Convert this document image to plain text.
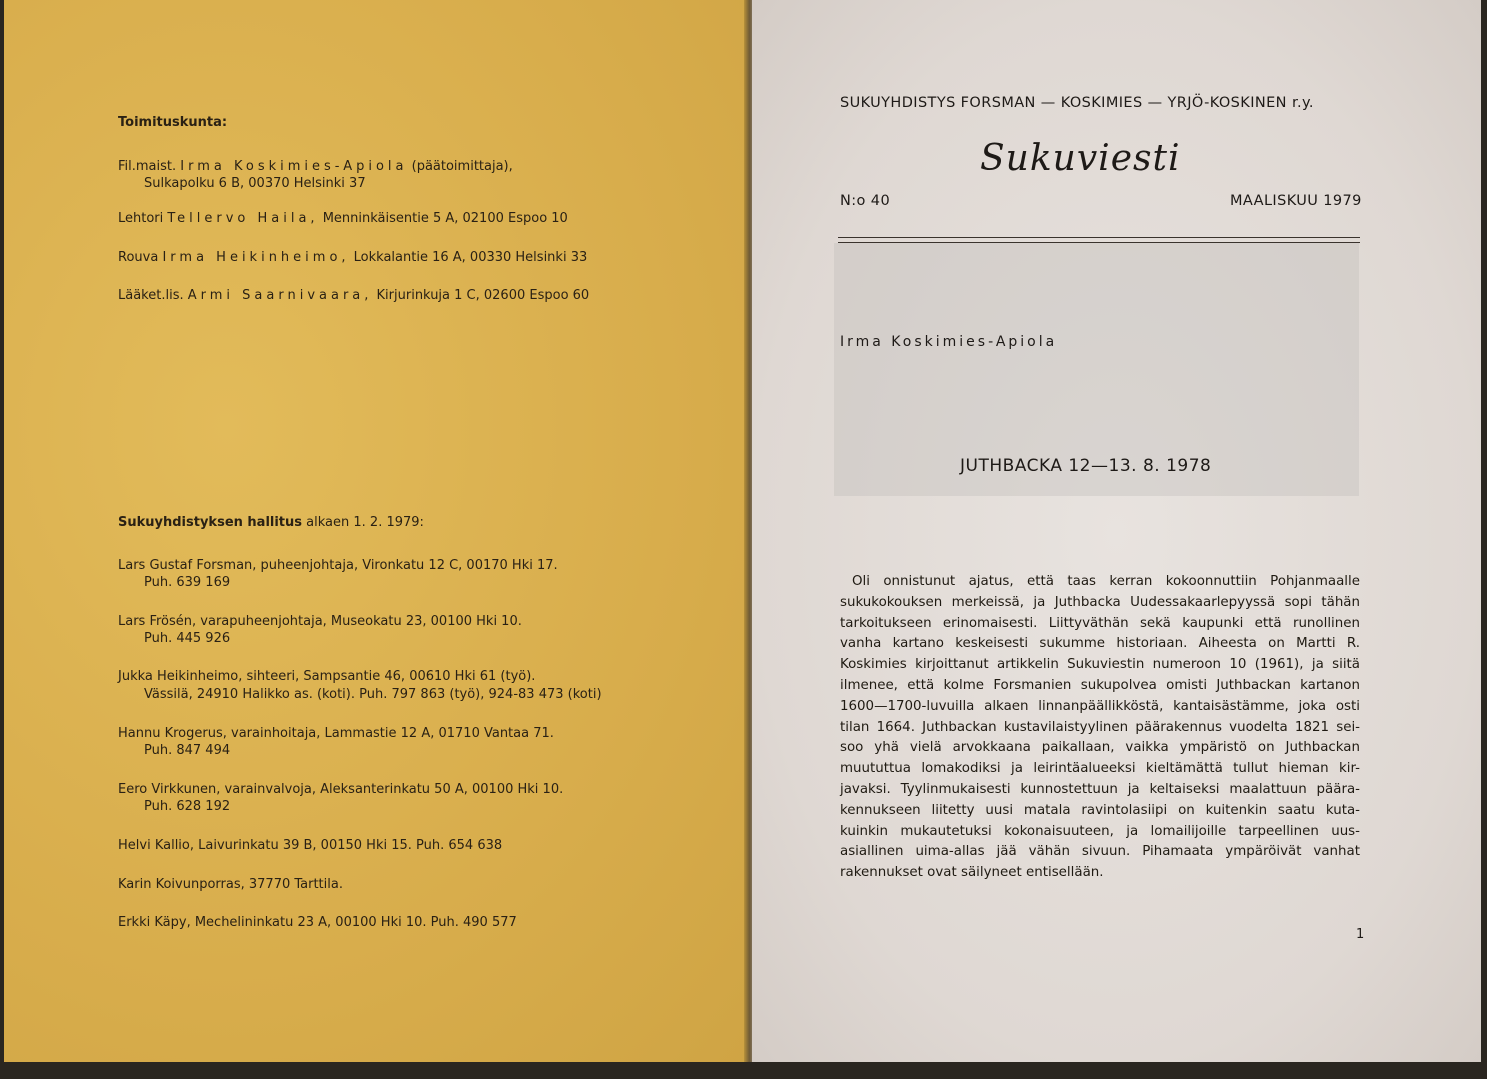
Toimituskunta:
Fil.maist. Irma Koskimies-Apiola (päätoimittaja),
Sulkapolku 6 B, 00370 Helsinki 37
Lehtori Tellervo Haila, Menninkäisentie 5 A, 02100 Espoo 10
Rouva Irma Heikinheimo, Lokkalantie 16 A, 00330 Helsinki 33
Lääket.lis. Armi Saarnivaara, Kirjurinkuja 1 C, 02600 Espoo 60
Sukuyhdistyksen hallitus alkaen 1. 2. 1979:
Lars Gustaf Forsman, puheenjohtaja, Vironkatu 12 C, 00170 Hki 17.
Puh. 639 169
Lars Frösén, varapuheenjohtaja, Museokatu 23, 00100 Hki 10.
Puh. 445 926
Jukka Heikinheimo, sihteeri, Sampsantie 46, 00610 Hki 61 (työ).
Vässilä, 24910 Halikko as. (koti). Puh. 797 863 (työ), 924-83 473 (koti)
Hannu Krogerus, varainhoitaja, Lammastie 12 A, 01710 Vantaa 71.
Puh. 847 494
Eero Virkkunen, varainvalvoja, Aleksanterinkatu 50 A, 00100 Hki 10.
Puh. 628 192
Helvi Kallio, Laivurinkatu 39 B, 00150 Hki 15. Puh. 654 638
Karin Koivunporras, 37770 Tarttila.
Erkki Käpy, Mechelininkatu 23 A, 00100 Hki 10. Puh. 490 577
SUKUYHDISTYS FORSMAN — KOSKIMIES — YRJÖ-KOSKINEN r.y.
Sukuviesti
N:o 40	MAALISKUU 1979
Irma Koskimies-Apiola
JUTHBACKA 12—13. 8. 1978
Oli onnistunut ajatus, että taas kerran kokoonnuttiin Pohjanmaalle
sukukokouksen merkeissä, ja Juthbacka Uudessakaarlepyyssä sopi tähän
tarkoitukseen erinomaisesti. Liittyväthän sekä kaupunki että runollinen
vanha kartano keskeisesti sukumme historiaan. Aiheesta on Martti R.
Koskimies kirjoittanut artikkelin Sukuviestin numeroon 10 (1961), ja siitä
ilmenee, että kolme Forsmanien sukupolvea omisti Juthbackan kartanon
1600—1700-luvuilla alkaen linnanpäällikköstä, kantaisästämme, joka osti
tilan 1664. Juthbackan kustavilaistyylinen päärakennus vuodelta 1821 sei-
soo yhä vielä arvokkaana paikallaan, vaikka ympäristö on Juthbackan
muututtua lomakodiksi ja leirintäalueeksi kieltämättä tullut hieman kir-
javaksi. Tyylinmukaisesti kunnostettuun ja keltaiseksi maalattuun päära-
kennukseen liitetty uusi matala ravintolasiipi on kuitenkin saatu kuta-
kuinkin mukautetuksi kokonaisuuteen, ja lomailijoille tarpeellinen uus-
asiallinen uima-allas jää vähän sivuun. Pihamaata ympäröivät vanhat
rakennukset ovat säilyneet entisellään.
1
